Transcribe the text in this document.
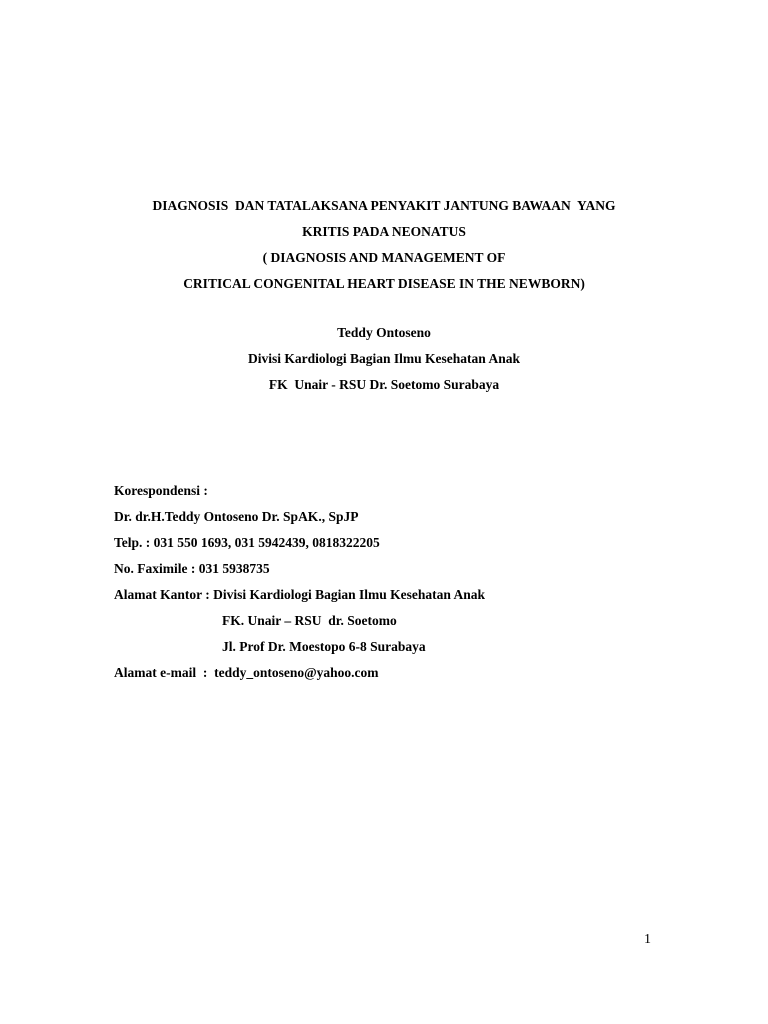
DIAGNOSIS  DAN TATALAKSANA PENYAKIT JANTUNG BAWAAN  YANG
KRITIS PADA NEONATUS
( DIAGNOSIS AND MANAGEMENT OF
CRITICAL CONGENITAL HEART DISEASE IN THE NEWBORN)
Teddy Ontoseno
Divisi Kardiologi Bagian Ilmu Kesehatan Anak
FK  Unair - RSU Dr. Soetomo Surabaya
Korespondensi :
Dr. dr.H.Teddy Ontoseno Dr. SpAK., SpJP
Telp. : 031 550 1693, 031 5942439, 0818322205
No. Faximile : 031 5938735
Alamat Kantor : Divisi Kardiologi Bagian Ilmu Kesehatan Anak
FK. Unair – RSU  dr. Soetomo
Jl. Prof Dr. Moestopo 6-8 Surabaya
Alamat e-mail  :  teddy_ontoseno@yahoo.com
1
